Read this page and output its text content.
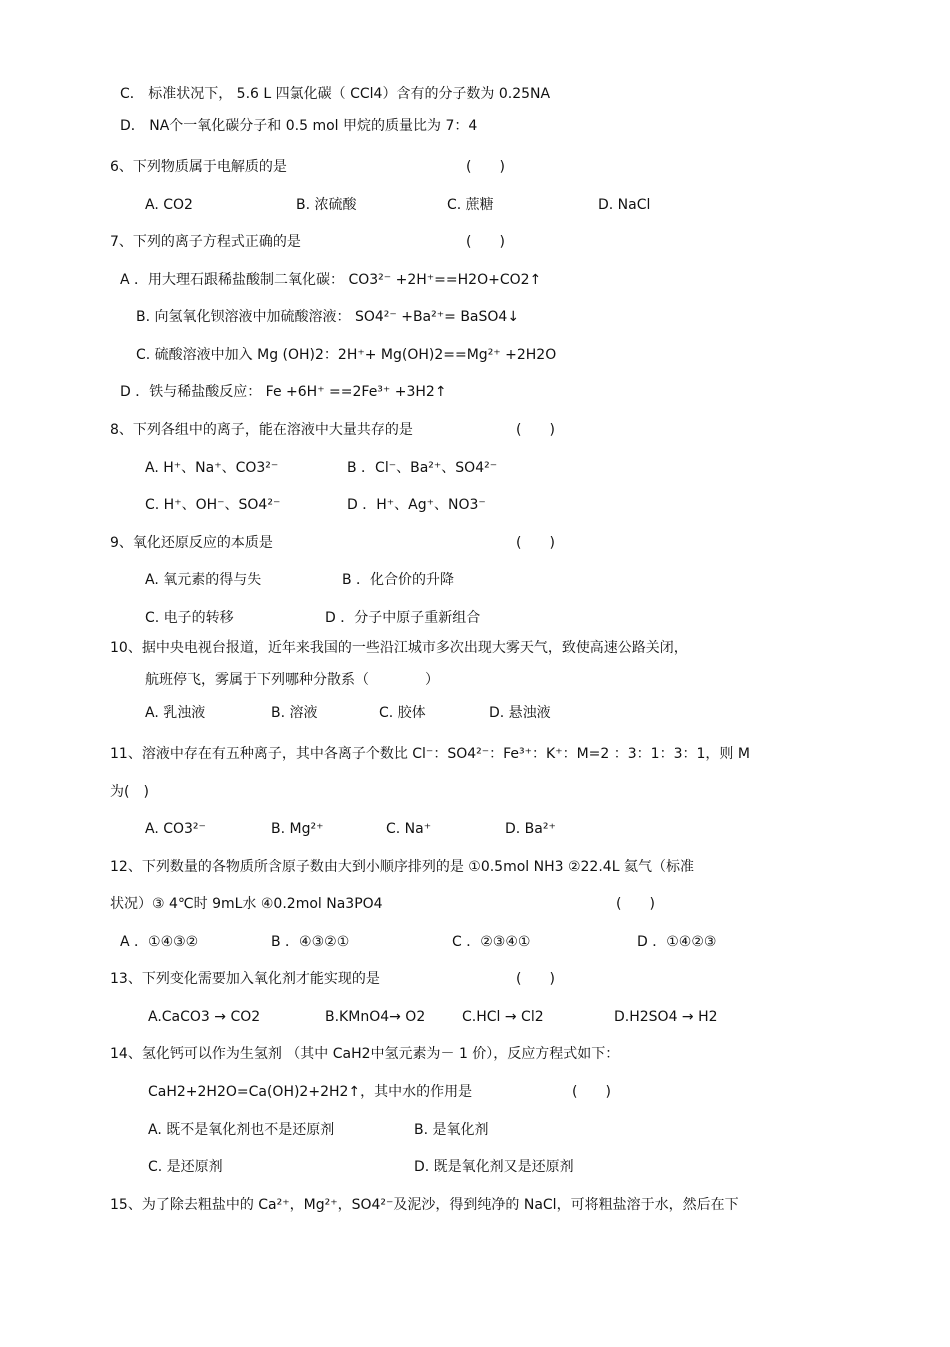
C． 标准状况下， 5.6 L 四氯化碳（ CCl4）含有的分子数为 0.25NA
D． NA个一氧化碳分子和 0.5 mol 甲烷的质量比为 7：4
6、下列物质属于电解质的是	(　　)
A. CO2	B. 浓硫酸	C. 蔗糖	D. NaCl
7、下列的离子方程式正确的是	(　　)
A ．用大理石跟稀盐酸制二氧化碳： CO3²⁻ +2H⁺==H2O+CO2↑
B. 向氢氧化钡溶液中加硫酸溶液： SO4²⁻ +Ba²⁺= BaSO4↓
C. 硫酸溶液中加入 Mg (OH)2：2H⁺+ Mg(OH)2==Mg²⁺ +2H2O
D ．铁与稀盐酸反应： Fe +6H⁺ ==2Fe³⁺ +3H2↑
8、下列各组中的离子，能在溶液中大量共存的是	(　　)
A. H⁺、Na⁺、CO3²⁻	B ．Cl⁻、Ba²⁺、SO4²⁻
C. H⁺、OH⁻、SO4²⁻	D ．H⁺、Ag⁺、NO3⁻
9、氧化还原反应的本质是	(　　)
A. 氧元素的得与失	B ．化合价的升降
C. 电子的转移	D ．分子中原子重新组合
10、据中央电视台报道，近年来我国的一些沿江城市多次出现大雾天气，致使高速公路关闭，
航班停飞，雾属于下列哪种分散系（　　　　）
A. 乳浊液	B. 溶液	C. 胶体	D. 悬浊液
11、溶液中存在有五种离子，其中各离子个数比 Cl⁻：SO4²⁻：Fe³⁺：K⁺：M=2 ：3：1：3：1，则 M
为(　)
A. CO3²⁻	B. Mg²⁺	C. Na⁺	D. Ba²⁺
12、下列数量的各物质所含原子数由大到小顺序排列的是 ①0.5mol NH3 ②22.4L 氦气（标准
状况）③ 4℃时 9mL水 ④0.2mol Na3PO4	(　　)
A ．①④③②	B ．④③②①	C ．②③④①	D ．①④②③
13、下列变化需要加入氧化剂才能实现的是	(　　)
A.CaCO3 → CO2	B.KMnO4→ O2	C.HCl → Cl2	D.H2SO4 → H2
14、氢化钙可以作为生氢剂 （其中 CaH2中氢元素为－ 1 价），反应方程式如下：
CaH2+2H2O=Ca(OH)2+2H2↑，其中水的作用是	(　　)
A. 既不是氧化剂也不是还原剂	B. 是氧化剂
C. 是还原剂	D. 既是氧化剂又是还原剂
15、为了除去粗盐中的 Ca²⁺，Mg²⁺，SO4²⁻及泥沙，得到纯净的 NaCl，可将粗盐溶于水，然后在下
